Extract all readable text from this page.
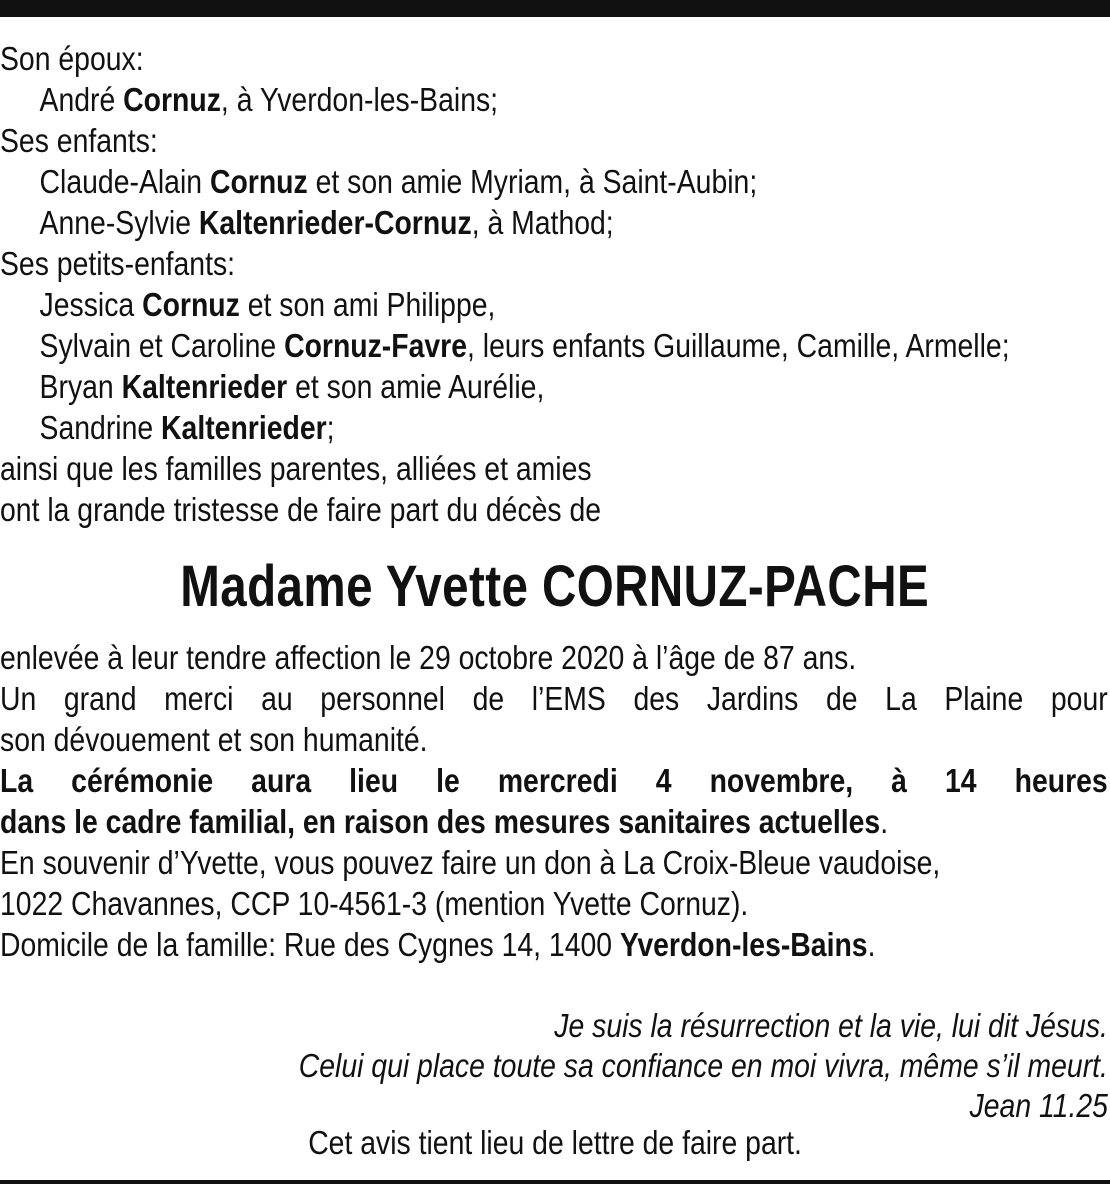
Son époux:
André Cornuz, à Yverdon-les-Bains;
Ses enfants:
Claude-Alain Cornuz et son amie Myriam, à Saint-Aubin;
Anne-Sylvie Kaltenrieder-Cornuz, à Mathod;
Ses petits-enfants:
Jessica Cornuz et son ami Philippe,
Sylvain et Caroline Cornuz-Favre, leurs enfants Guillaume, Camille, Armelle;
Bryan Kaltenrieder et son amie Aurélie,
Sandrine Kaltenrieder;
ainsi que les familles parentes, alliées et amies
ont la grande tristesse de faire part du décès de
Madame Yvette CORNUZ-PACHE
enlevée à leur tendre affection le 29 octobre 2020 à l’âge de 87 ans.
Un grand merci au personnel de l’EMS des Jardins de La Plaine pour
son dévouement et son humanité.
La cérémonie aura lieu le mercredi 4 novembre, à 14 heures
dans le cadre familial, en raison des mesures sanitaires actuelles.
En souvenir d’Yvette, vous pouvez faire un don à La Croix-Bleue vaudoise,
1022 Chavannes, CCP 10-4561-3 (mention Yvette Cornuz).
Domicile de la famille: Rue des Cygnes 14, 1400 Yverdon-les-Bains.
Je suis la résurrection et la vie, lui dit Jésus.
Celui qui place toute sa confiance en moi vivra, même s’il meurt.
Jean 11.25
Cet avis tient lieu de lettre de faire part.
